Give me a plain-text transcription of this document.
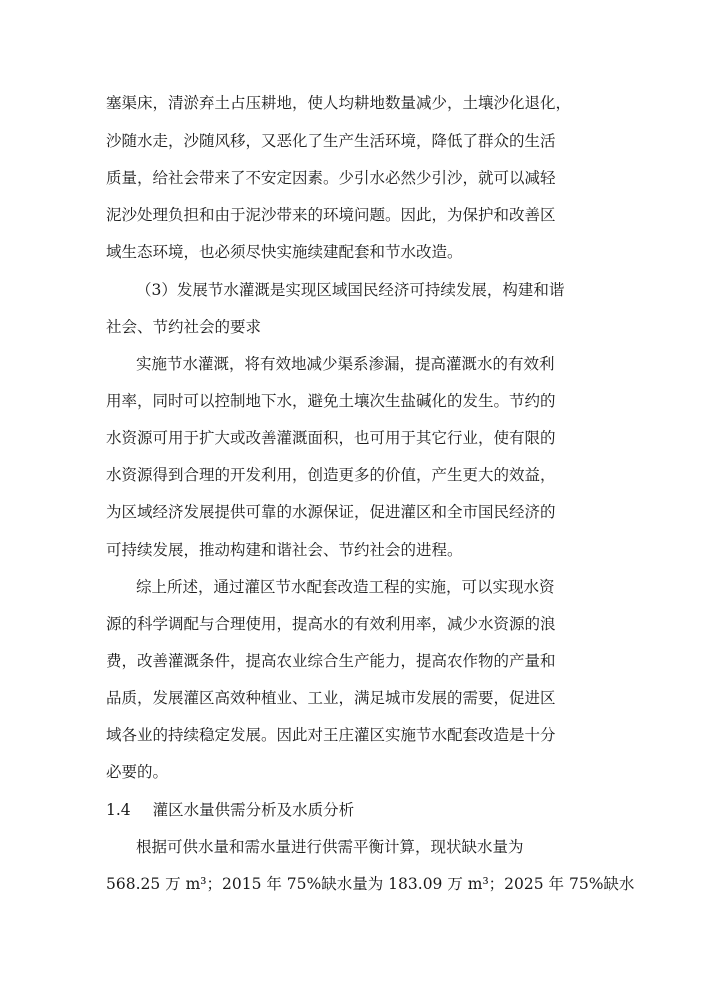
塞渠床，清淤弃土占压耕地，使人均耕地数量减少，土壤沙化退化，
沙随水走，沙随风移，又恶化了生产生活环境，降低了群众的生活
质量，给社会带来了不安定因素。少引水必然少引沙，就可以减轻
泥沙处理负担和由于泥沙带来的环境问题。因此，为保护和改善区
域生态环境，也必须尽快实施续建配套和节水改造。
（3）发展节水灌溉是实现区域国民经济可持续发展，构建和谐
社会、节约社会的要求
实施节水灌溉，将有效地减少渠系渗漏，提高灌溉水的有效利
用率，同时可以控制地下水，避免土壤次生盐碱化的发生。节约的
水资源可用于扩大或改善灌溉面积，也可用于其它行业，使有限的
水资源得到合理的开发利用，创造更多的价值，产生更大的效益，
为区域经济发展提供可靠的水源保证，促进灌区和全市国民经济的
可持续发展，推动构建和谐社会、节约社会的进程。
综上所述，通过灌区节水配套改造工程的实施，可以实现水资
源的科学调配与合理使用，提高水的有效利用率，减少水资源的浪
费，改善灌溉条件，提高农业综合生产能力，提高农作物的产量和
品质，发展灌区高效种植业、工业，满足城市发展的需要，促进区
域各业的持续稳定发展。因此对王庄灌区实施节水配套改造是十分
必要的。
1.4 灌区水量供需分析及水质分析
根据可供水量和需水量进行供需平衡计算，现状缺水量为
568.25 万 m³；2015 年 75%缺水量为 183.09 万 m³；2025 年 75%缺水
